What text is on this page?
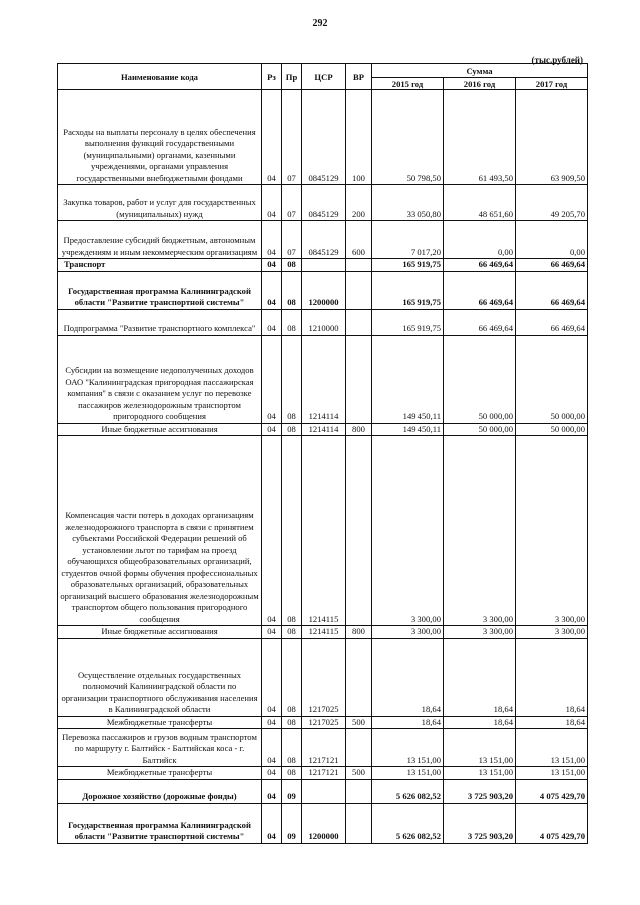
292
(тыс.рублей)
Наименование кода	Рз	Пр	ЦСР	ВР	Сумма		
					2015 год	2016 год	2017 год
Расходы на выплаты персоналу в целях обеспечения выполнения функций государственными (муниципальными) органами, казенными учреждениями, органами управления государственными внебюджетными фондами	04	07	0845129	100	50 798,50	61 493,50	63 909,50
Закупка товаров, работ и услуг для государственных (муниципальных) нужд	04	07	0845129	200	33 050,80	48 651,60	49 205,70
Предоставление субсидий бюджетным, автономным учреждениям и иным некоммерческим организациям	04	07	0845129	600	7 017,20	0,00	0,00
Транспорт	04	08			165 919,75	66 469,64	66 469,64
Государственная программа Калининградской области "Развитие транспортной системы"	04	08	1200000		165 919,75	66 469,64	66 469,64
Подпрограмма "Развитие транспортного комплекса"	04	08	1210000		165 919,75	66 469,64	66 469,64
Субсидии на возмещение недополученных доходов ОАО "Калининградская пригородная пассажирская компания" в связи с оказанием услуг по перевозке пассажиров железнодорожным транспортом пригородного сообщения	04	08	1214114		149 450,11	50 000,00	50 000,00
Иные бюджетные ассигнования	04	08	1214114	800	149 450,11	50 000,00	50 000,00
Компенсация части потерь в доходах организациям железнодорожного транспорта в связи с принятием субъектами Российской Федерации решений об установлении льгот по тарифам на проезд обучающихся общеобразовательных организаций, студентов очной формы обучения профессиональных образовательных организаций, образовательных организаций высшего образования железнодорожным транспортом общего пользования пригородного сообщения	04	08	1214115		3 300,00	3 300,00	3 300,00
Иные бюджетные ассигнования	04	08	1214115	800	3 300,00	3 300,00	3 300,00
Осуществление отдельных государственных полномочий Калининградской области по организации транспортного обслуживания населения в Калининградской области	04	08	1217025		18,64	18,64	18,64
Межбюджетные трансферты	04	08	1217025	500	18,64	18,64	18,64
Перевозка пассажиров и грузов водным транспортом по маршруту г. Балтийск - Балтийская коса - г. Балтийск	04	08	1217121		13 151,00	13 151,00	13 151,00
Межбюджетные трансферты	04	08	1217121	500	13 151,00	13 151,00	13 151,00
Дорожное хозяйство (дорожные фонды)	04	09			5 626 082,52	3 725 903,20	4 075 429,70
Государственная программа Калининградской области "Развитие транспортной системы"	04	09	1200000		5 626 082,52	3 725 903,20	4 075 429,70
